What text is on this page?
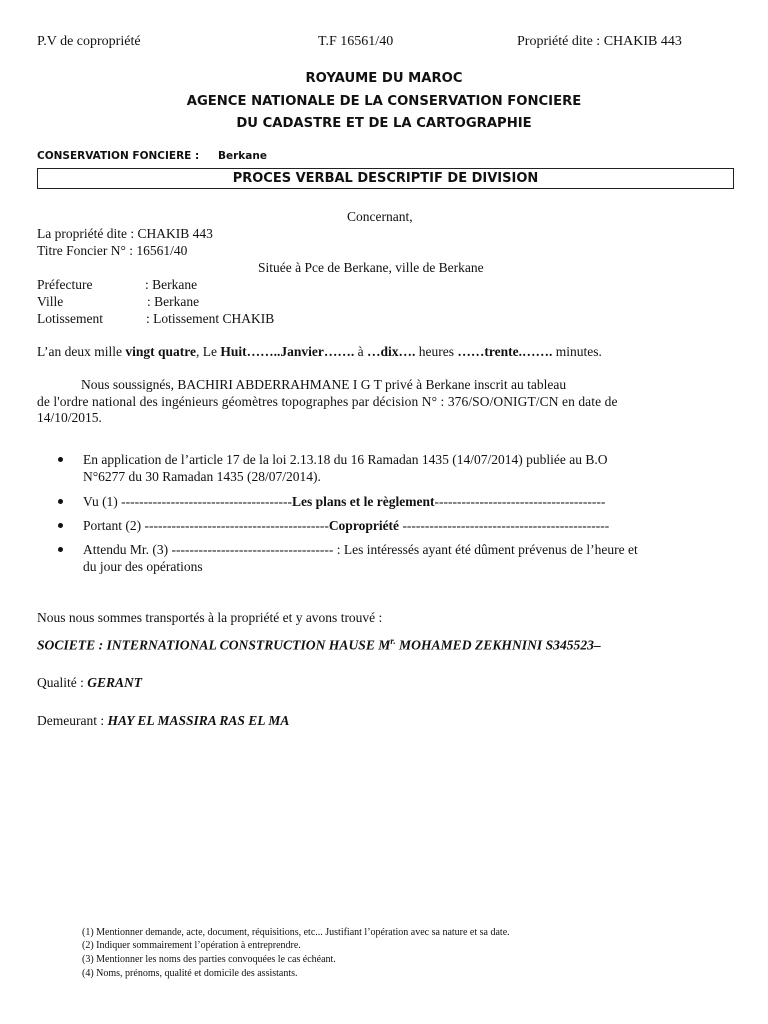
P.V de copropriété	T.F 16561/40	Propriété dite : CHAKIB 443
ROYAUME DU MAROC
AGENCE NATIONALE DE LA CONSERVATION FONCIERE
DU CADASTRE ET DE LA CARTOGRAPHIE
CONSERVATION FONCIERE : Berkane
PROCES VERBAL DESCRIPTIF DE DIVISION
Concernant,
La propriété dite : CHAKIB 443
Titre Foncier N° : 16561/40
Située à Pce de Berkane, ville de Berkane
Préfecture	: Berkane
Ville	: Berkane
Lotissement	: Lotissement CHAKIB
L’an deux mille vingt quatre, Le Huit……..Janvier……. à …dix…. heures ……trente.……. minutes.
Nous soussignés, BACHIRI ABDERRAHMANE I G T privé à Berkane inscrit au tableau
de l'ordre national des ingénieurs géomètres topographes par décision N° : 376/SO/ONIGT/CN en date de
14/10/2015.
En application de l’article 17 de la loi 2.13.18 du 16 Ramadan 1435 (14/07/2014) publiée au B.O
N°6277 du 30 Ramadan 1435 (28/07/2014).
Vu (1) --------------------------------------Les plans et le règlement--------------------------------------
Portant (2) -----------------------------------------Copropriété ----------------------------------------------
Attendu Mr. (3) ------------------------------------ : Les intéressés ayant été dûment prévenus de l’heure et
du jour des opérations
Nous nous sommes transportés à la propriété et y avons trouvé :
SOCIETE : INTERNATIONAL CONSTRUCTION HAUSE $M^{r.}$ MOHAMED ZEKHNINI S345523–
Qualité : GERANT
Demeurant : HAY EL MASSIRA RAS EL MA
(1) Mentionner demande, acte, document, réquisitions, etc... Justifiant l’opération avec sa nature et sa date.
(2) Indiquer sommairement l’opération à entreprendre.
(3) Mentionner les noms des parties convoquées le cas échéant.
(4) Noms, prénoms, qualité et domicile des assistants.
